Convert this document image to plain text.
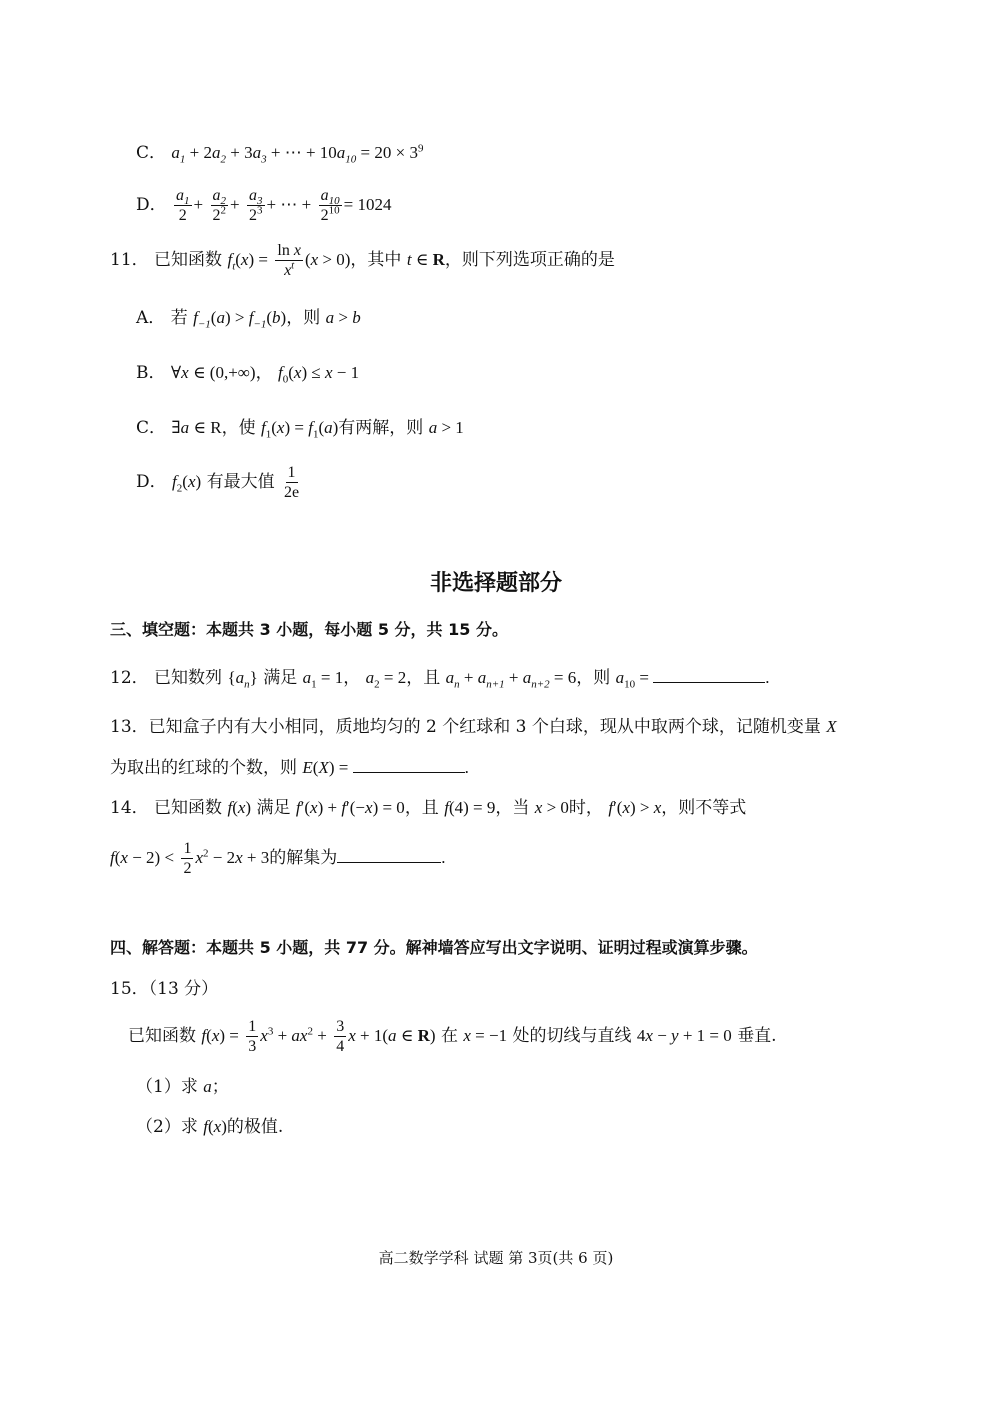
C． $a_1 + 2a_2 + 3a_3$ + ⋯ + $10a_{10} = 20 \times 3^9$
D． $\frac{a_1}{2} + \frac{a_2}{2^2} + \frac{a_3}{2^3}$ + ⋯ + $\frac{a_{10}}{2^{10}} = 1024$
11． 已知函数 $f_t(x) = \frac{\text{ln x}}{x^t} (x > 0)$，其中 t ∈ R，则下列选项正确的是
A． 若 $f_{-1}(a) > f_{-1}(b)$，则 a > b
B． ∀x ∈ (0,+∞)， $f_0(x) \le x - 1$
C． ∃a ∈ R，使 $f_1(x) = f_1(a)$有两解，则 a > 1
D． $f_2(x)$ 有最大值 $\frac{1}{2e}$
非选择题部分
三、填空题：本题共 3 小题，每小题 5 分，共 15 分。
12． 已知数列 $\{a_n\}$ 满足 $a_1 = 1$， $a_2 = 2$，且 $a_n + a_{n+1} + a_{n+2} = 6$，则 $a_{10}$ =	.
13．已知盒子内有大小相同，质地均匀的 2 个红球和 3 个白球，现从中取两个球，记随机变量 X
为取出的红球的个数，则 E(X) =	.
14． 已知函数 f(x) 满足 f′(x) + f′(−x) = 0，且 f(4) = 9，当 x > 0时， f′(x) > x，则不等式
$f(x - 2) < \frac{1}{2} x^2 - 2x + 3$的解集为	.
四、解答题：本题共 5 小题，共 77 分。解神墙答应写出文字说明、证明过程或演算步骤。
15．（13 分）
已知函数 $f(x) = \frac{1}{3} x^3 + ax^2 + \frac{3}{4}$ x + 1(a ∈ R) 在 x = −1 处的切线与直线 4x − y + 1 = 0 垂直.
（1）求 a；
（2）求 f(x)的极值.
高二数学学科 试题 第 3页(共 6 页)
